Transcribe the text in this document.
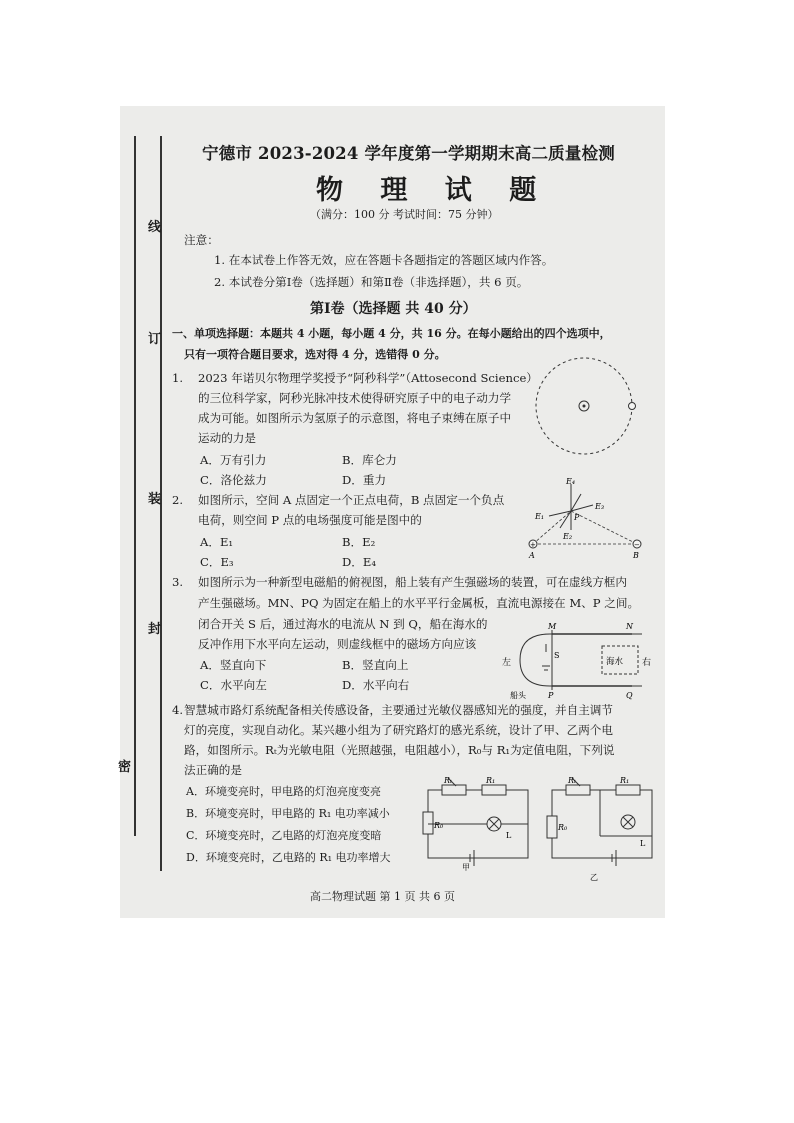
线
订
装
封
密
宁德市 2023-2024 学年度第一学期期末高二质量检测
物 理 试 题
（满分：100 分 考试时间：75 分钟）
注意：
1. 在本试卷上作答无效，应在答题卡各题指定的答题区域内作答。
2. 本试卷分第Ⅰ卷（选择题）和第Ⅱ卷（非选择题），共 6 页。
第Ⅰ卷（选择题 共 40 分）
一、单项选择题：本题共 4 小题，每小题 4 分，共 16 分。在每小题给出的四个选项中，
只有一项符合题目要求，选对得 4 分，选错得 0 分。
1. 2023 年诺贝尔物理学奖授予“阿秒科学”（Attosecond Science）
的三位科学家，阿秒光脉冲技术使得研究原子中的电子动力学
成为可能。如图所示为氢原子的示意图，将电子束缚在原子中
运动的力是
A．万有引力	B．库仑力
C．洛伦兹力	D．重力
2. 如图所示，空间 A 点固定一个正点电荷，B 点固定一个负点
电荷，则空间 P 点的电场强度可能是图中的
A．E₁	B．E₂
C．E₃	D．E₄
+	−
E₄
E₁
E₃
E₂
P
A	B
3. 如图所示为一种新型电磁船的俯视图，船上装有产生强磁场的装置，可在虚线方框内
产生强磁场。MN、PQ 为固定在船上的水平平行金属板，直流电源接在 M、P 之间。
闭合开关 S 后，通过海水的电流从 N 到 Q，船在海水的
反冲作用下水平向左运动，则虚线框中的磁场方向应该
A．竖直向下	B．竖直向上
C．水平向左	D．水平向右
海水
S
M	N
P	Q
左	右
船头
4. 智慧城市路灯系统配备相关传感设备，主要通过光敏仪器感知光的强度，并自主调节
灯的亮度，实现自动化。某兴趣小组为了研究路灯的感光系统，设计了甲、乙两个电
路，如图所示。Rₜ为光敏电阻（光照越强，电阻越小），R₀与 R₁为定值电阻，下列说
法正确的是
A．环境变亮时，甲电路的灯泡亮度变亮
B．环境变亮时，甲电路的 R₁ 电功率减小
C．环境变亮时，乙电路的灯泡亮度变暗
D．环境变亮时，乙电路的 R₁ 电功率增大
Rₜ	R₁
R₀
L
甲
Rₜ	R₁
R₀
L
乙
高二物理试题 第 1 页 共 6 页
